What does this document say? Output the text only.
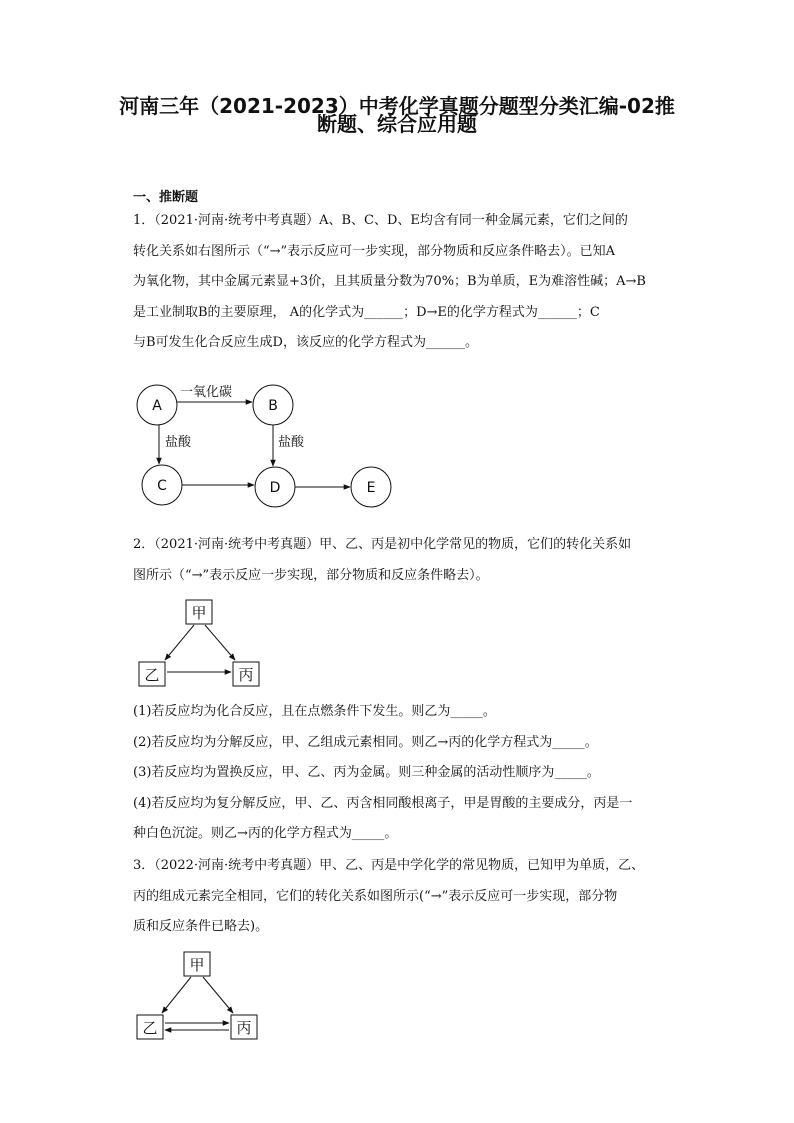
河南三年（2021-2023）中考化学真题分题型分类汇编-02推
断题、综合应用题
一、推断题
1．（2021·河南·统考中考真题）A、B、C、D、E均含有同一种金属元素，它们之间的
转化关系如右图所示（“→”表示反应可一步实现，部分物质和反应条件略去）。已知A
为氧化物，其中金属元素显+3价，且其质量分数为70%；B为单质，E为难溶性碱；A→B
是工业制取B的主要原理， A的化学式为______；D→E的化学方程式为______；C
与B可发生化合反应生成D，该反应的化学方程式为______。
2．（2021·河南·统考中考真题）甲、乙、丙是初中化学常见的物质，它们的转化关系如
图所示（“→”表示反应一步实现，部分物质和反应条件略去）。
(1)若反应均为化合反应，且在点燃条件下发生。则乙为_____。
(2)若反应均为分解反应，甲、乙组成元素相同。则乙→丙的化学方程式为_____。
(3)若反应均为置换反应，甲、乙、丙为金属。则三种金属的活动性顺序为_____。
(4)若反应均为复分解反应，甲、乙、丙含相同酸根离子，甲是胃酸的主要成分，丙是一
种白色沉淀。则乙→丙的化学方程式为_____。
3．（2022·河南·统考中考真题）甲、乙、丙是中学化学的常见物质，已知甲为单质，乙、
丙的组成元素完全相同，它们的转化关系如图所示(“→”表示反应可一步实现，部分物
质和反应条件已略去)。
A	B
C	D	E
一氧化碳
盐酸	盐酸
甲
乙	丙
甲
乙	丙
